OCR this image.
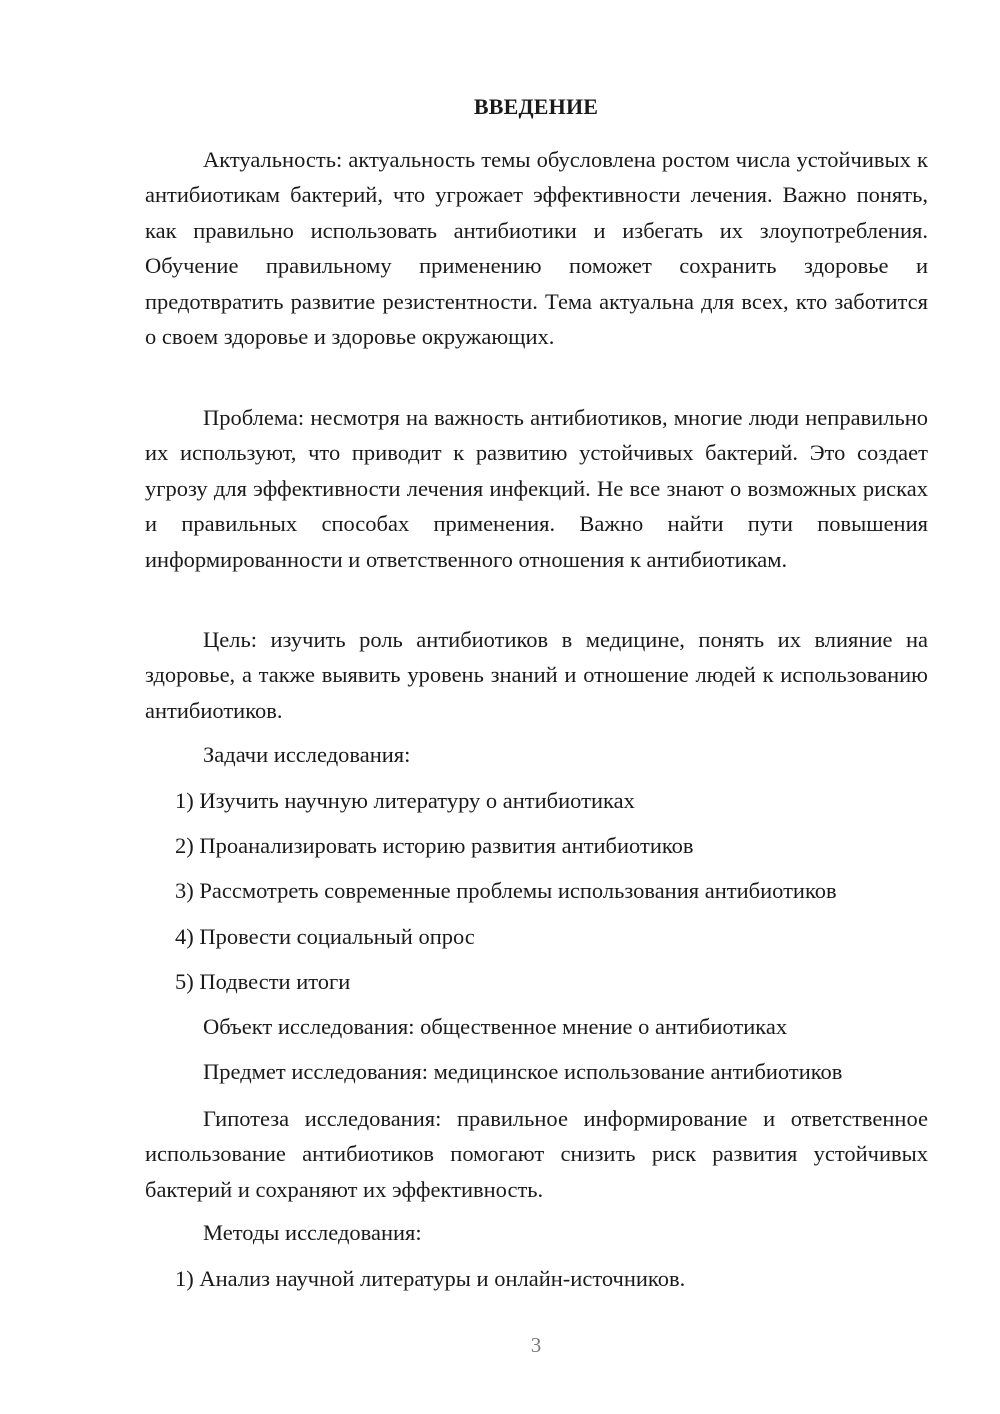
ВВЕДЕНИЕ

Актуальность: актуальность темы обусловлена ростом числа устойчивых к антибиотикам бактерий, что угрожает эффективности лечения. Важно понять, как правильно использовать антибиотики и избегать их злоупотребления. Обучение правильному применению поможет сохранить здоровье и предотвратить развитие резистентности. Тема актуальна для всех, кто заботится о своем здоровье и здоровье окружающих.

Проблема: несмотря на важность антибиотиков, многие люди неправильно их используют, что приводит к развитию устойчивых бактерий. Это создает угрозу для эффективности лечения инфекций. Не все знают о возможных рисках и правильных способах применения. Важно найти пути повышения информированности и ответственного отношения к антибиотикам.

Цель: изучить роль антибиотиков в медицине, понять их влияние на здоровье, а также выявить уровень знаний и отношение людей к использованию антибиотиков.

Задачи исследования:

1) Изучить научную литературу о антибиотиках

2) Проанализировать историю развития антибиотиков

3) Рассмотреть современные проблемы использования антибиотиков

4) Провести социальный опрос

5) Подвести итоги

Объект исследования: общественное мнение о антибиотиках

Предмет исследования: медицинское использование антибиотиков

Гипотеза исследования: правильное информирование и ответственное использование антибиотиков помогают снизить риск развития устойчивых бактерий и сохраняют их эффективность.

Методы исследования:

1) Анализ научной литературы и онлайн-источников.

3
